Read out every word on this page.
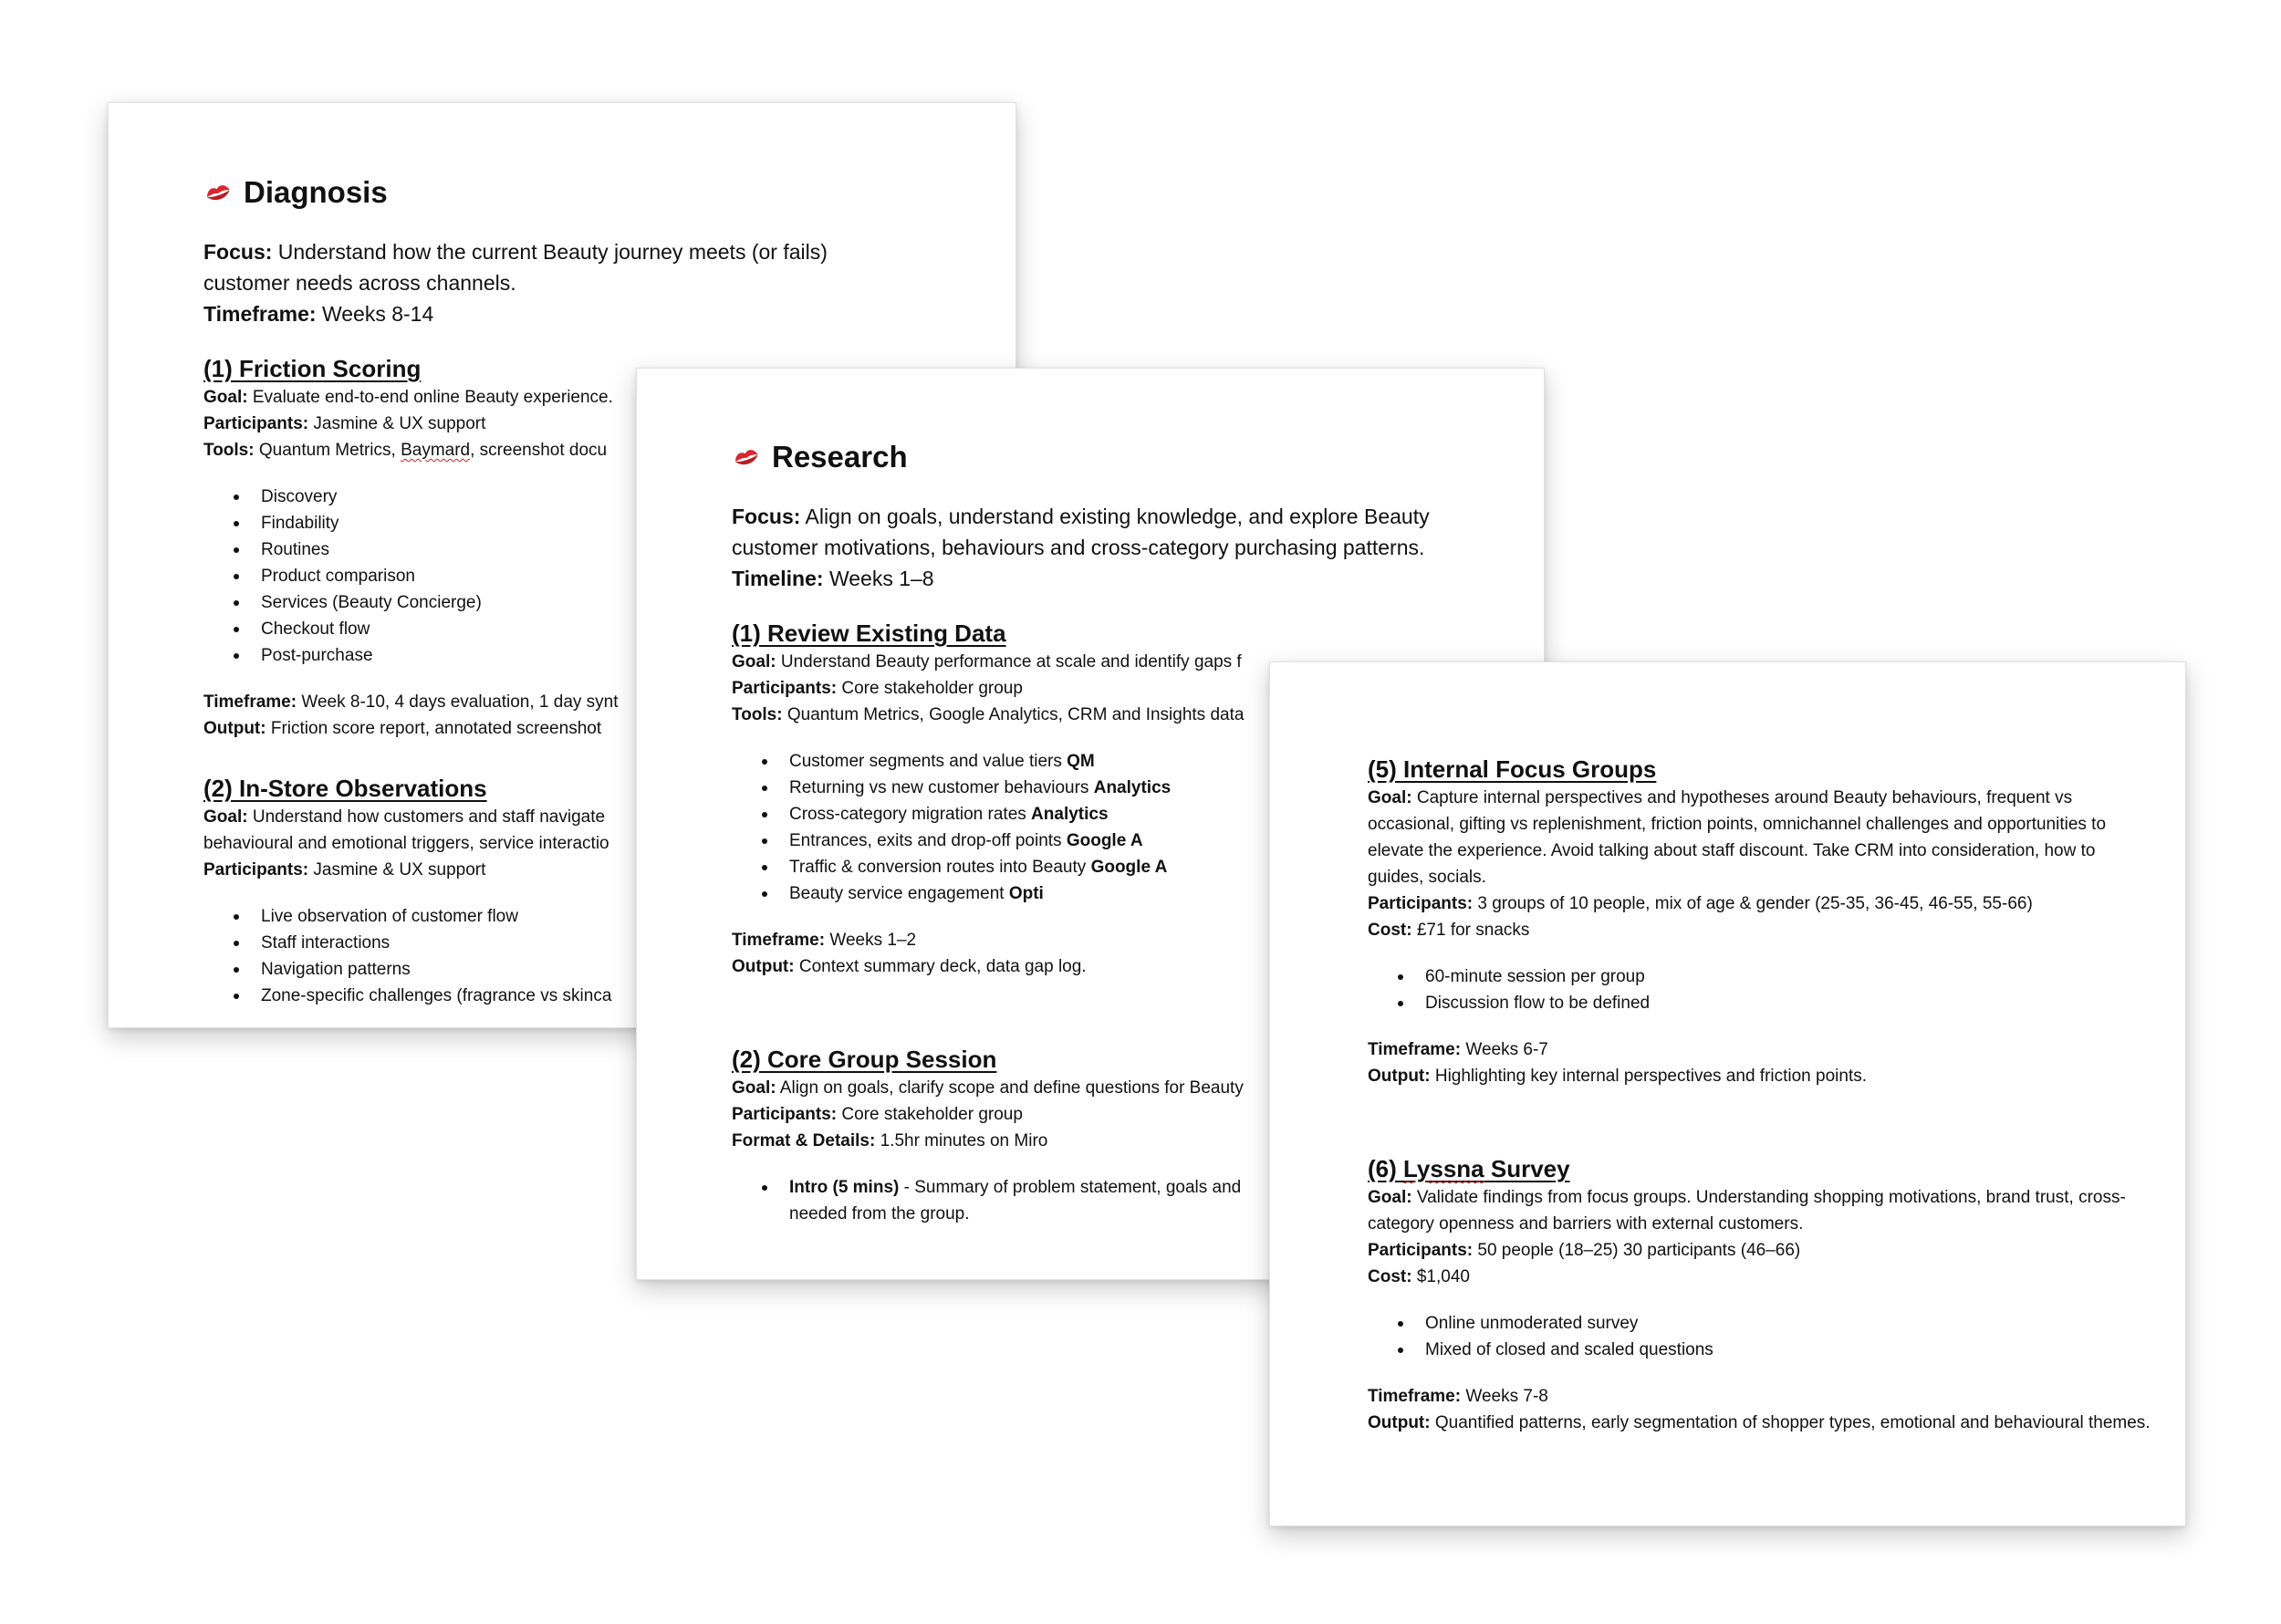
Diagnosis

Focus: Understand how the current Beauty journey meets (or fails) customer needs across channels.

Timeframe: Weeks 8-14

(1) Friction Scoring

Goal: Evaluate end-to-end online Beauty experience.

Participants: Jasmine & UX support

Tools: Quantum Metrics, Baymard, screenshot docu

Discovery
Findability
Routines
Product comparison
Services (Beauty Concierge)
Checkout flow
Post-purchase

Timeframe: Week 8-10, 4 days evaluation, 1 day synt

Output: Friction score report, annotated screenshot

(2) In-Store Observations

Goal: Understand how customers and staff navigate

behavioural and emotional triggers, service interactio

Participants: Jasmine & UX support

Live observation of customer flow
Staff interactions
Navigation patterns
Zone-specific challenges (fragrance vs skinca
Research

Focus: Align on goals, understand existing knowledge, and explore Beauty customer motivations, behaviours and cross-category purchasing patterns.

Timeline: Weeks 1–8

(1) Review Existing Data

Goal: Understand Beauty performance at scale and identify gaps f

Participants: Core stakeholder group

Tools: Quantum Metrics, Google Analytics, CRM and Insights data

Customer segments and value tiers QM
Returning vs new customer behaviours Analytics
Cross-category migration rates Analytics
Entrances, exits and drop-off points Google A
Traffic & conversion routes into Beauty Google A
Beauty service engagement Opti

Timeframe: Weeks 1–2

Output: Context summary deck, data gap log.

(2) Core Group Session

Goal: Align on goals, clarify scope and define questions for Beauty

Participants: Core stakeholder group

Format & Details: 1.5hr minutes on Miro

Intro (5 mins) - Summary of problem statement, goals and
needed from the group.
(5) Internal Focus Groups

Goal: Capture internal perspectives and hypotheses around Beauty behaviours, frequent vs occasional, gifting vs replenishment, friction points, omnichannel challenges and opportunities to elevate the experience. Avoid talking about staff discount. Take CRM into consideration, how to guides, socials.

Participants: 3 groups of 10 people, mix of age & gender (25-35, 36-45, 46-55, 55-66)

Cost: £71 for snacks

60-minute session per group
Discussion flow to be defined

Timeframe: Weeks 6-7

Output: Highlighting key internal perspectives and friction points.

(6) Lyssna Survey

Goal: Validate findings from focus groups. Understanding shopping motivations, brand trust, cross-category openness and barriers with external customers.

Participants: 50 people (18–25) 30 participants (46–66)

Cost: $1,040

Online unmoderated survey
Mixed of closed and scaled questions

Timeframe: Weeks 7-8

Output: Quantified patterns, early segmentation of shopper types, emotional and behavioural themes.
